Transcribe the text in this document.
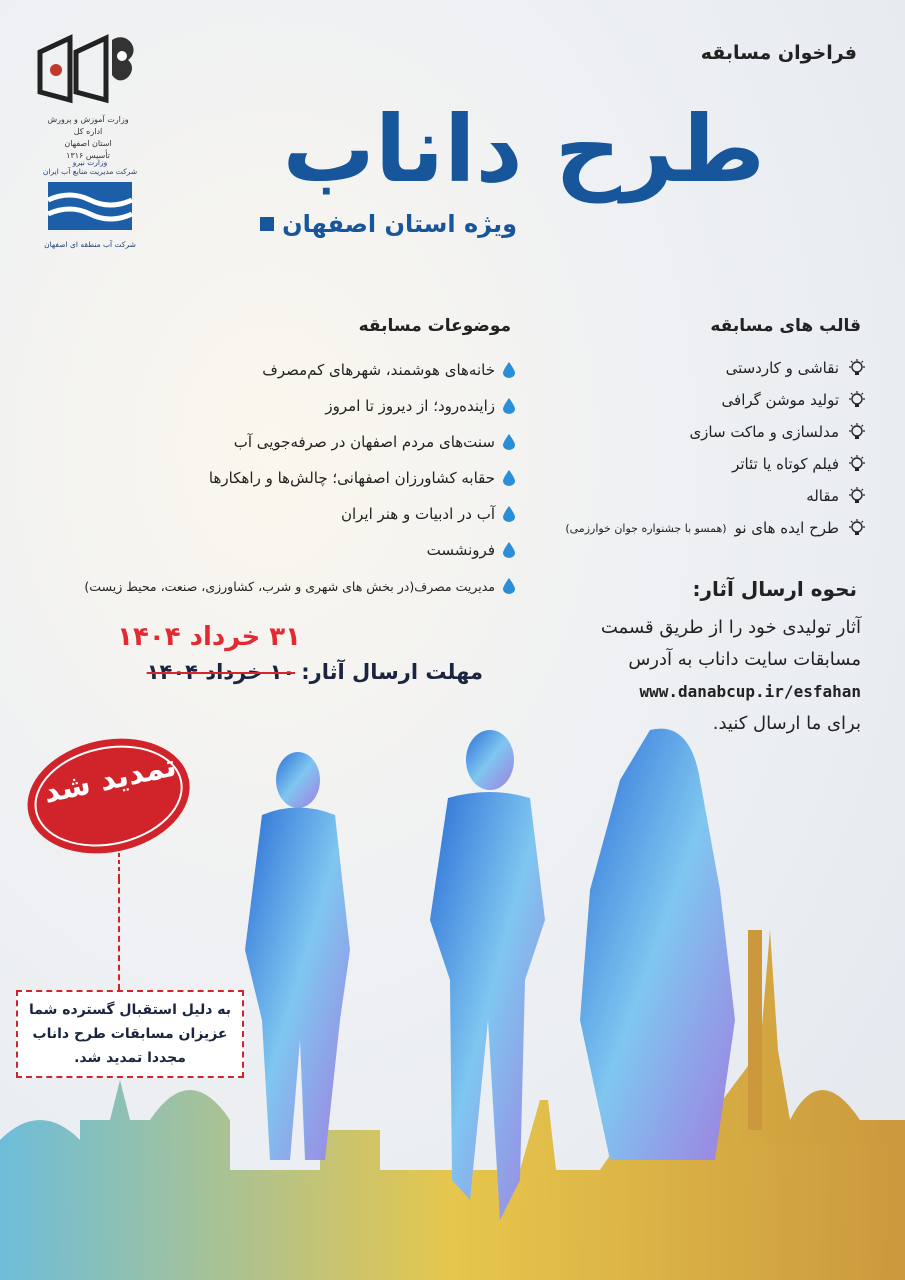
وزارت آموزش و پرورش
اداره کل
استان اصفهان
تأسیس ۱۳۱۶
وزارت نیرو
شرکت مدیریت منابع آب ایران
شرکت آب منطقه ای اصفهان
فراخوان مسابقه
طرح داناب
ویژه استان اصفهان
موضوعات مسابقه
خانه‌های هوشمند، شهرهای کم‌مصرف
زاینده‌رود؛ از دیروز تا امروز
سنت‌های مردم اصفهان در صرفه‌جویی آب
حقابه کشاورزان اصفهانی؛ چالش‌ها و راهکارها
آب در ادبیات و هنر ایران
فرونشست
مدیریت مصرف(در بخش های شهری و شرب، کشاورزی، صنعت، محیط زیست)
قالب های مسابقه
نقاشی و کاردستی
تولید موشن گرافی
مدلسازی و ماکت سازی
فیلم کوتاه یا تئاتر
مقاله
طرح ایده های نو
(همسو با جشنواره جوان خوارزمی)
نحوه ارسال آثار:
آثار تولیدی خود را از طریق قسمت
مسابقات سایت داناب به آدرس
www.danabcup.ir/esfahan
برای ما ارسال کنید.
۳۱ خرداد ۱۴۰۴
مهلت ارسال آثار:
۱۰ خرداد ۱۴۰۴
تمدید شد
به دلیل استقبال گسترده شما
عزیزان مسابقات طرح داناب
مجددا تمدید شد.
